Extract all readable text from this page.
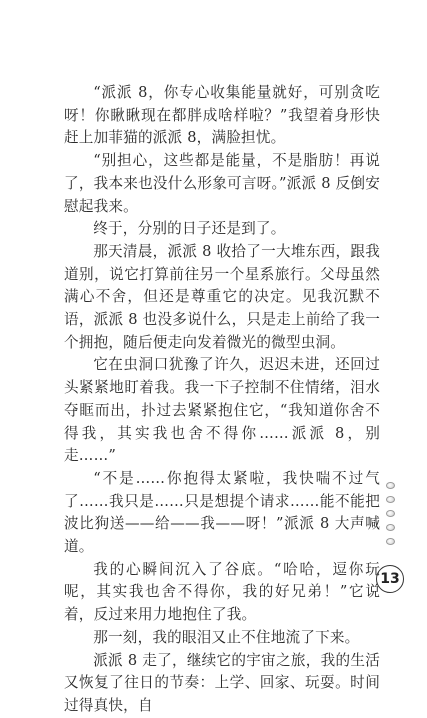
“派派 8，你专心收集能量就好，可别贪吃呀！你瞅瞅现在都胖成啥样啦？”我望着身形快赶上加菲猫的派派 8，满脸担忧。

“别担心，这些都是能量，不是脂肪！再说了，我本来也没什么形象可言呀。”派派 8 反倒安慰起我来。

终于，分别的日子还是到了。

那天清晨，派派 8 收拾了一大堆东西，跟我道别，说它打算前往另一个星系旅行。父母虽然满心不舍，但还是尊重它的决定。见我沉默不语，派派 8 也没多说什么，只是走上前给了我一个拥抱，随后便走向发着微光的微型虫洞。

它在虫洞口犹豫了许久，迟迟未进，还回过头紧紧地盯着我。我一下子控制不住情绪，泪水夺眶而出，扑过去紧紧抱住它，“我知道你舍不得我，其实我也舍不得你……派派 8，别走……”

“不是……你抱得太紧啦，我快喘不过气了……我只是……只是想提个请求……能不能把波比狗送——给——我——呀！”派派 8 大声喊道。

我的心瞬间沉入了谷底。“哈哈，逗你玩呢，其实我也舍不得你，我的好兄弟！”它说着，反过来用力地抱住了我。

那一刻，我的眼泪又止不住地流了下来。

派派 8 走了，继续它的宇宙之旅，我的生活又恢复了往日的节奏：上学、回家、玩耍。时间过得真快，自

13
